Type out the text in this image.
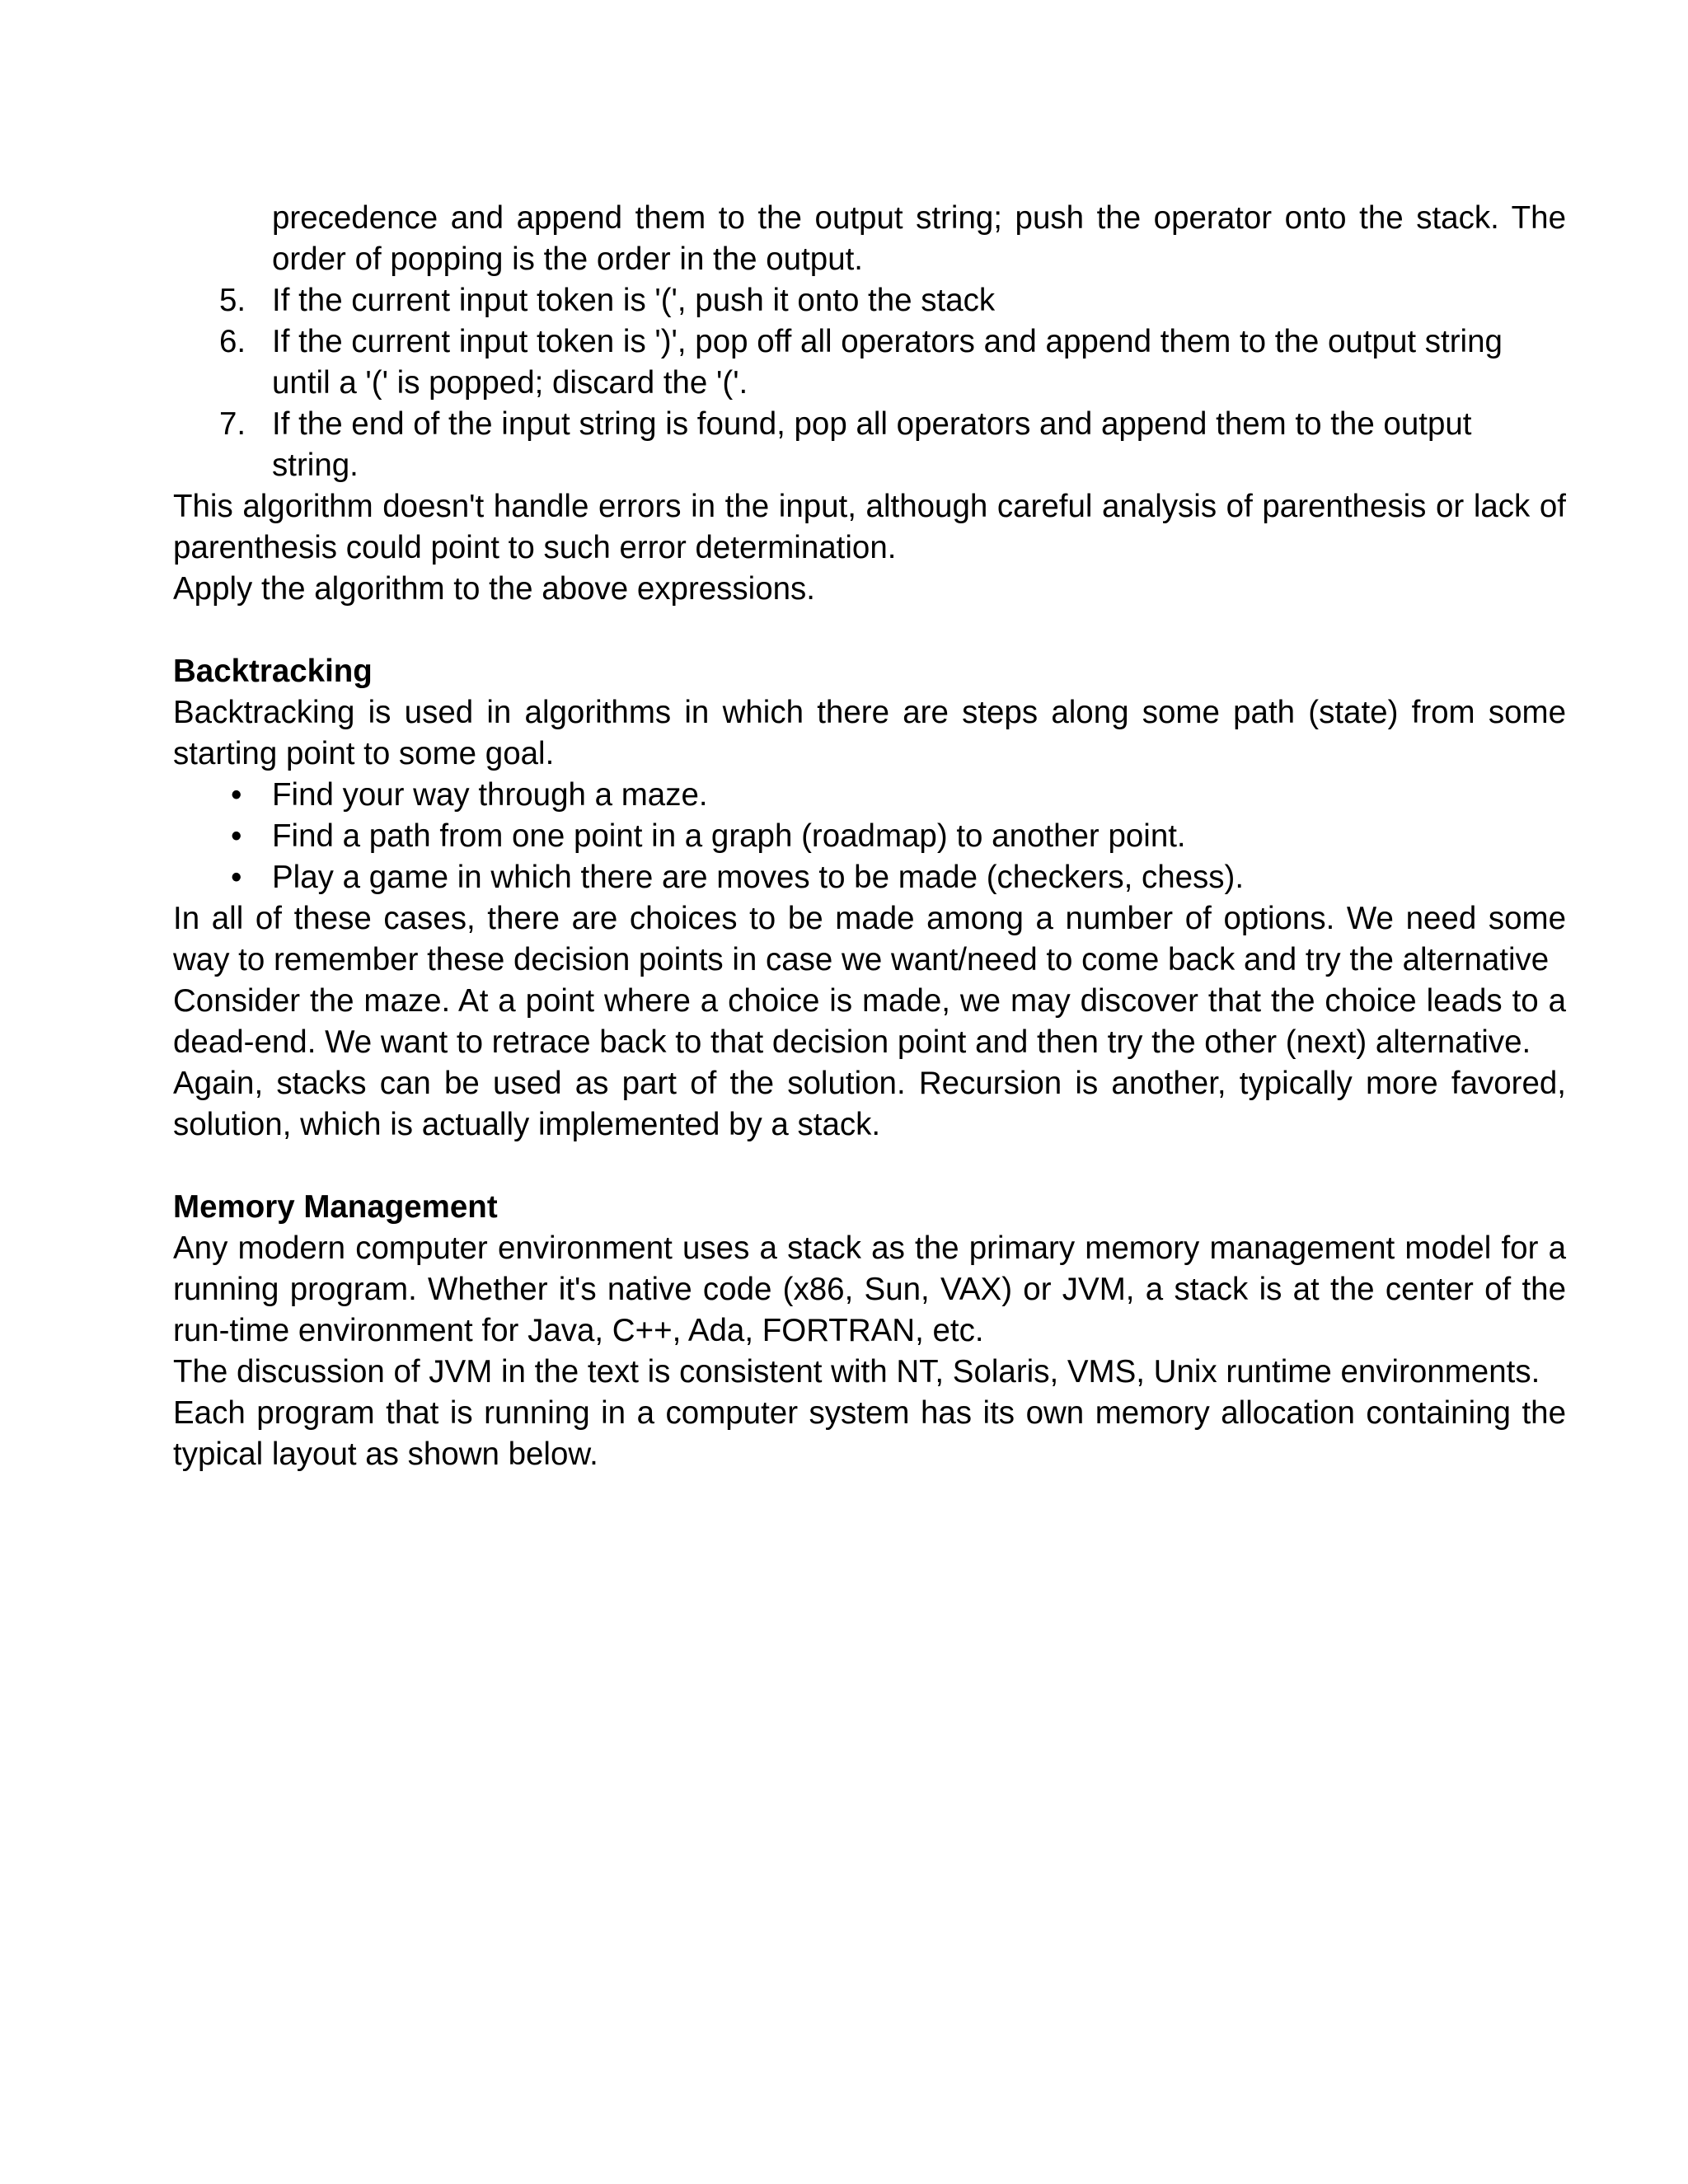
precedence and append them to the output string; push the operator onto the stack. The order of popping is the order in the output.

5. If the current input token is '(', push it onto the stack
6. If the current input token is ')', pop off all operators and append them to the output string until a '(' is popped; discard the '('.
7. If the end of the input string is found, pop all operators and append them to the output string.

This algorithm doesn't handle errors in the input, although careful analysis of parenthesis or lack of parenthesis could point to such error determination.

Apply the algorithm to the above expressions.

Backtracking

Backtracking is used in algorithms in which there are steps along some path (state) from some starting point to some goal.

• Find your way through a maze.
• Find a path from one point in a graph (roadmap) to another point.
• Play a game in which there are moves to be made (checkers, chess).

In all of these cases, there are choices to be made among a number of options. We need some way to remember these decision points in case we want/need to come back and try the alternative

Consider the maze. At a point where a choice is made, we may discover that the choice leads to a dead-end. We want to retrace back to that decision point and then try the other (next) alternative.

Again, stacks can be used as part of the solution. Recursion is another, typically more favored, solution, which is actually implemented by a stack.

Memory Management

Any modern computer environment uses a stack as the primary memory management model for a running program. Whether it's native code (x86, Sun, VAX) or JVM, a stack is at the center of the run-time environment for Java, C++, Ada, FORTRAN, etc.

The discussion of JVM in the text is consistent with NT, Solaris, VMS, Unix runtime environments.

Each program that is running in a computer system has its own memory allocation containing the typical layout as shown below.
